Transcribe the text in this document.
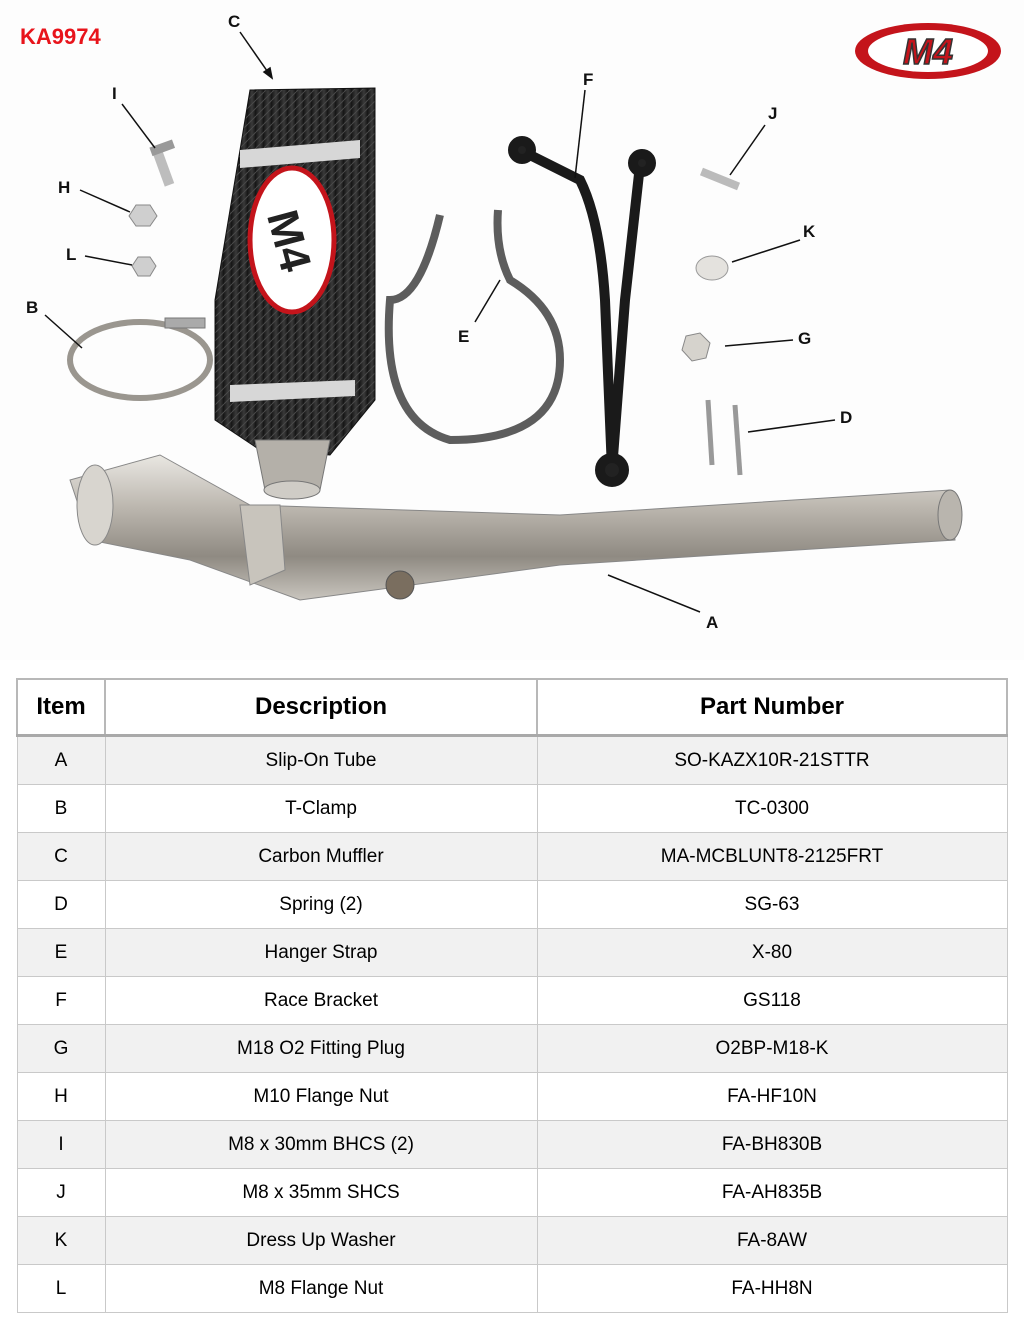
M4
KA9974	M4
C
I
H
L
B
E
F
J
K
G
D
A
Item	Description	Part Number
A	Slip-On Tube	SO-KAZX10R-21STTR
B	T-Clamp	TC-0300
C	Carbon Muffler	MA-MCBLUNT8-2125FRT
D	Spring (2)	SG-63
E	Hanger Strap	X-80
F	Race Bracket	GS118
G	M18 O2 Fitting Plug	O2BP-M18-K
H	M10 Flange Nut	FA-HF10N
I	M8 x 30mm BHCS (2)	FA-BH830B
J	M8 x 35mm SHCS	FA-AH835B
K	Dress Up Washer	FA-8AW
L	M8 Flange Nut	FA-HH8N
